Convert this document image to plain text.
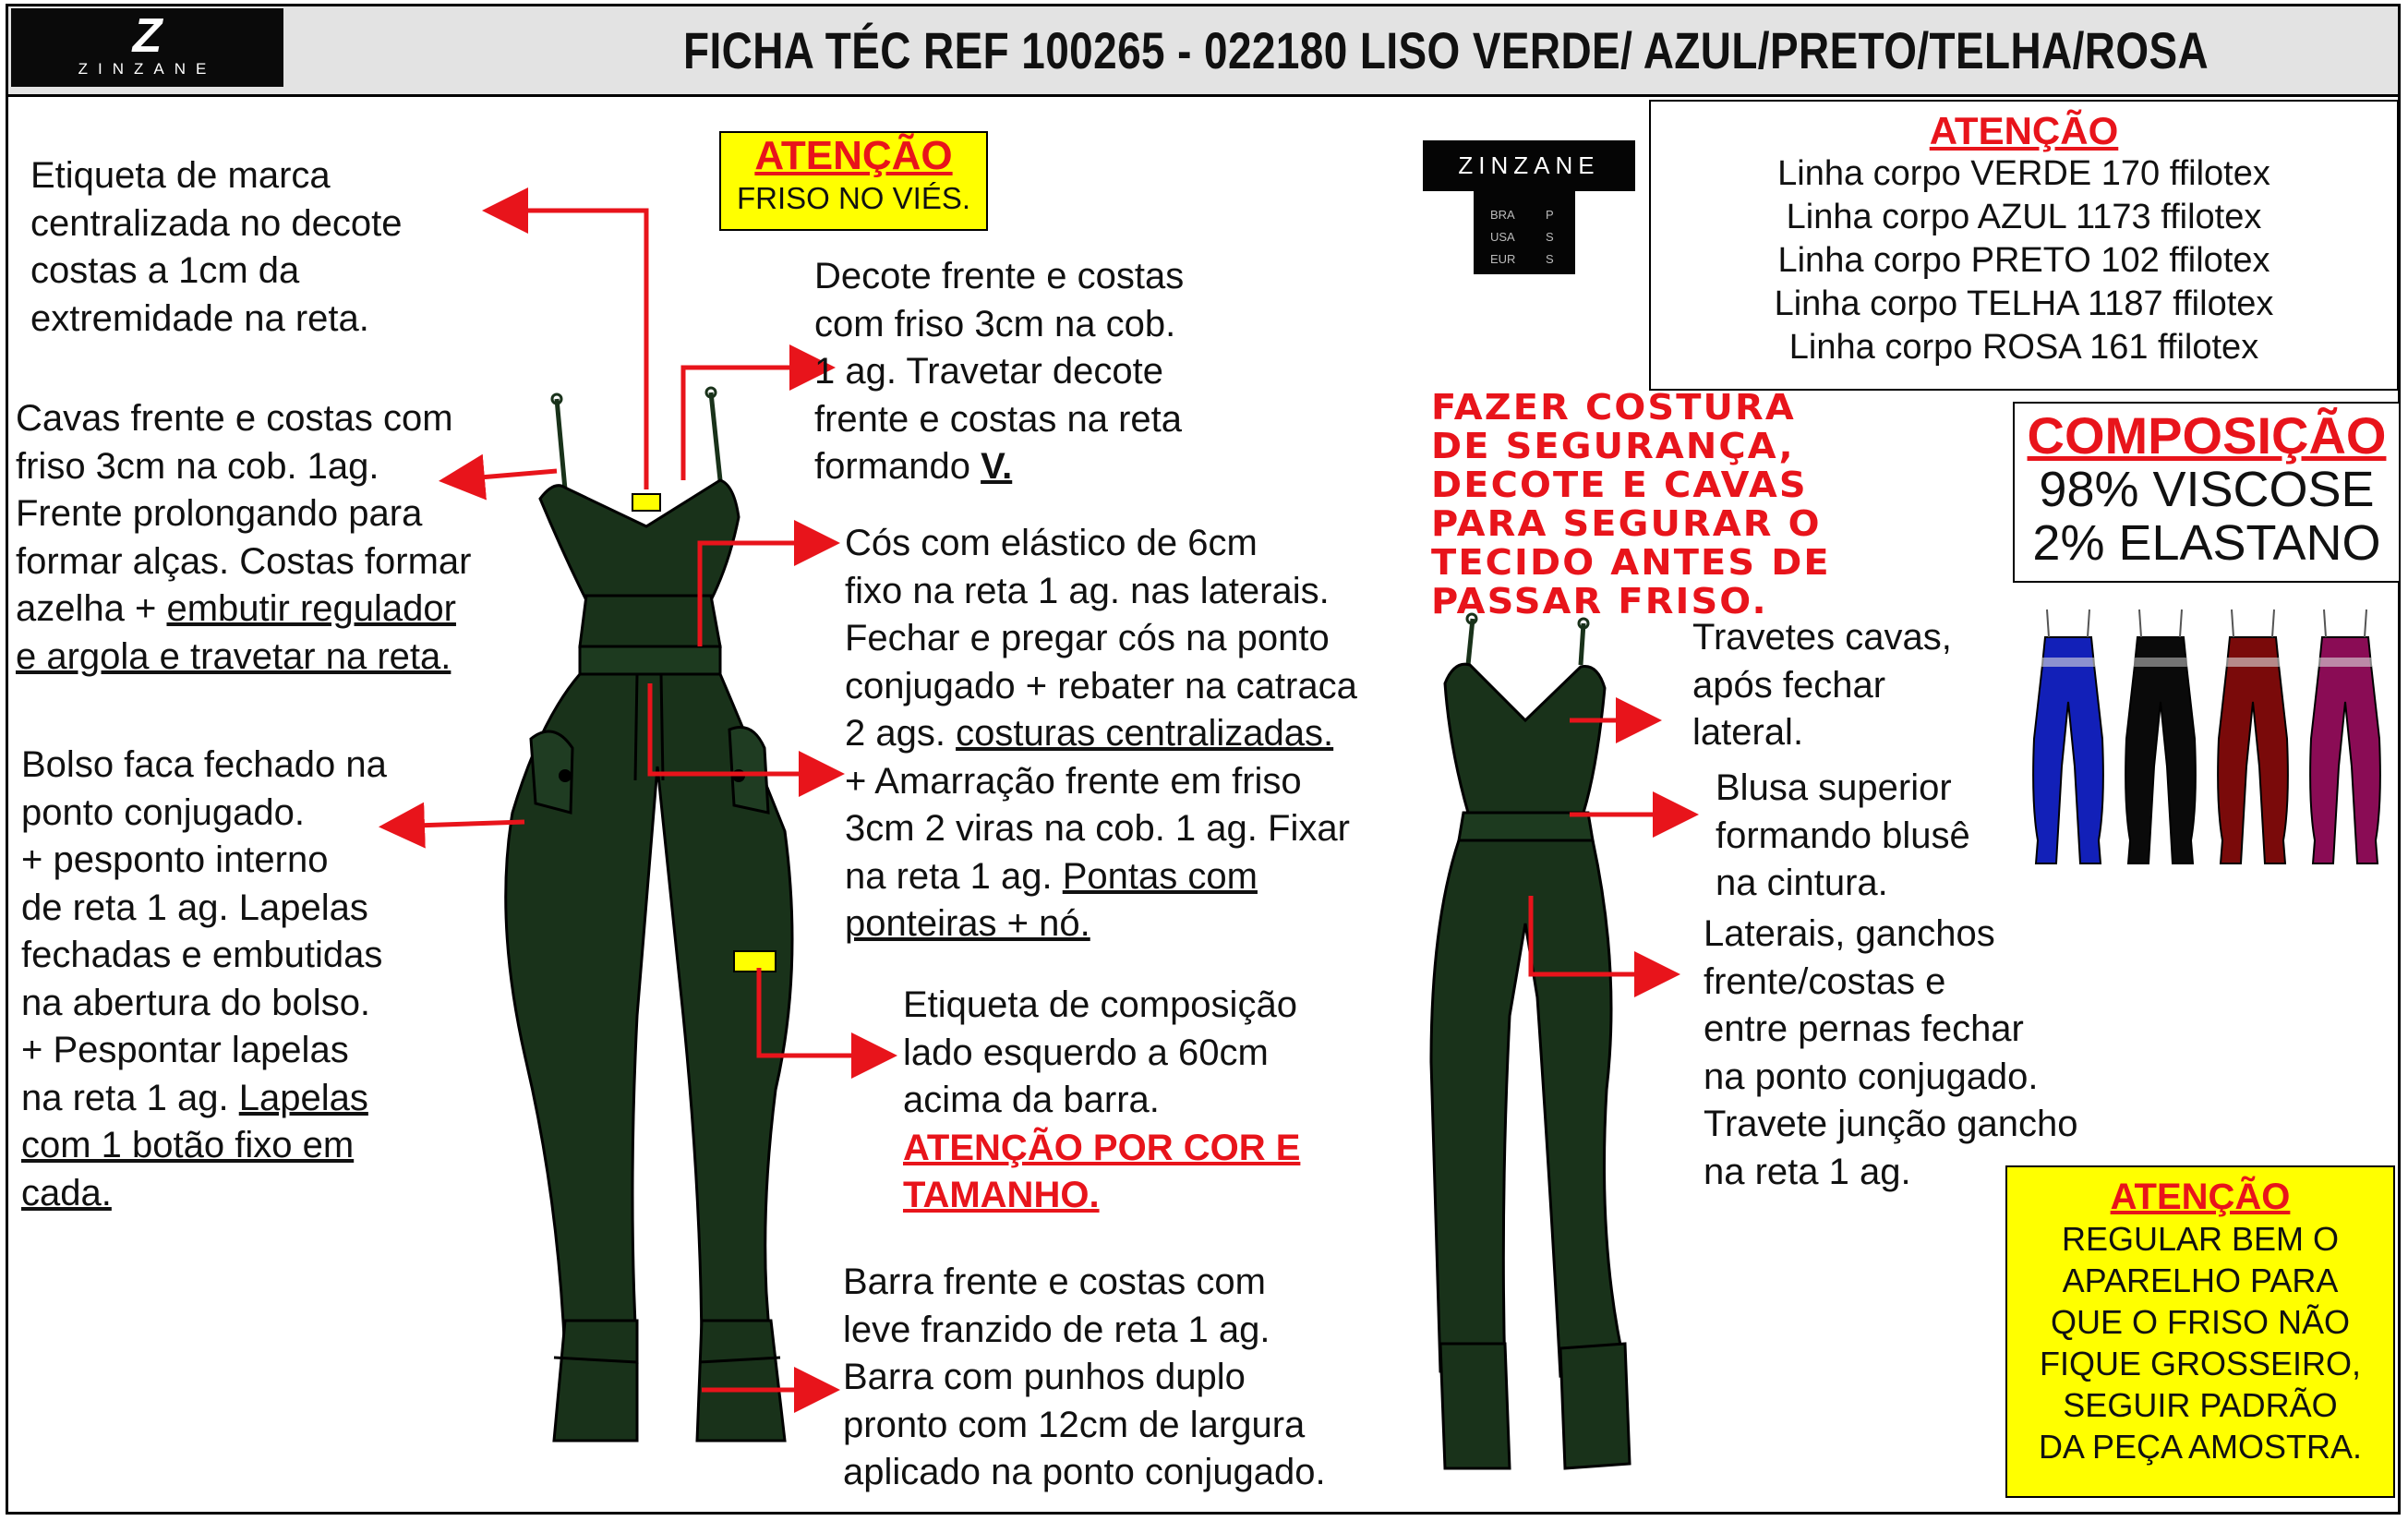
Z
ZINZANE	FICHA TÉC REF 100265 - 022180 LISO VERDE/ AZUL/PRETO/TELHA/ROSA
ATENÇÃO
FRISO NO VIÉS.
Etiqueta de marca
centralizada no decote
costas a 1cm da
extremidade na reta.
Cavas frente e costas com
friso 3cm na cob. 1ag.
Frente prolongando para
formar alças. Costas formar
azelha + embutir regulador
e argola e travetar na reta.
Bolso faca fechado na
ponto conjugado.
+ pesponto interno
de reta 1 ag. Lapelas
fechadas e embutidas
na abertura do bolso.
+ Pespontar lapelas
na reta 1 ag. Lapelas
com 1 botão fixo em
cada.
Decote frente e costas
com friso 3cm na cob.
1 ag. Travetar decote
frente e costas na reta
formando V.
Cós com elástico de 6cm
fixo na reta 1 ag. nas laterais.
Fechar e pregar cós na ponto
conjugado + rebater na catraca
2 ags. costuras centralizadas.
+ Amarração frente em friso
3cm 2 viras na cob. 1 ag. Fixar
na reta 1 ag. Pontas com
ponteiras + nó.
Etiqueta de composição
lado esquerdo a 60cm
acima da barra.
ATENÇÃO POR COR E
TAMANHO.
Barra frente e costas com
leve franzido de reta 1 ag.
Barra com punhos duplo
pronto com 12cm de largura
aplicado na ponto conjugado.
ZINZANE
BRA	P
USA	S
EUR	S
ATENÇÃO
Linha corpo VERDE 170 ffilotex
Linha corpo AZUL 1173 ffilotex
Linha corpo PRETO 102 ffilotex
Linha corpo TELHA 1187 ffilotex
Linha corpo ROSA 161 ffilotex
FAZER COSTURA
DE SEGURANÇA,
DECOTE E CAVAS
PARA SEGURAR O
TECIDO ANTES DE
PASSAR FRISO.
COMPOSIÇÃO
98% VISCOSE
2% ELASTANO
Travetes cavas,
após fechar
lateral.
Blusa superior
formando blusê
na cintura.
Laterais, ganchos
frente/costas e
entre pernas fechar
na ponto conjugado.
Travete junção gancho
na reta 1 ag.
ATENÇÃO
REGULAR BEM O
APARELHO PARA
QUE O FRISO NÃO
FIQUE GROSSEIRO,
SEGUIR PADRÃO
DA PEÇA AMOSTRA.
